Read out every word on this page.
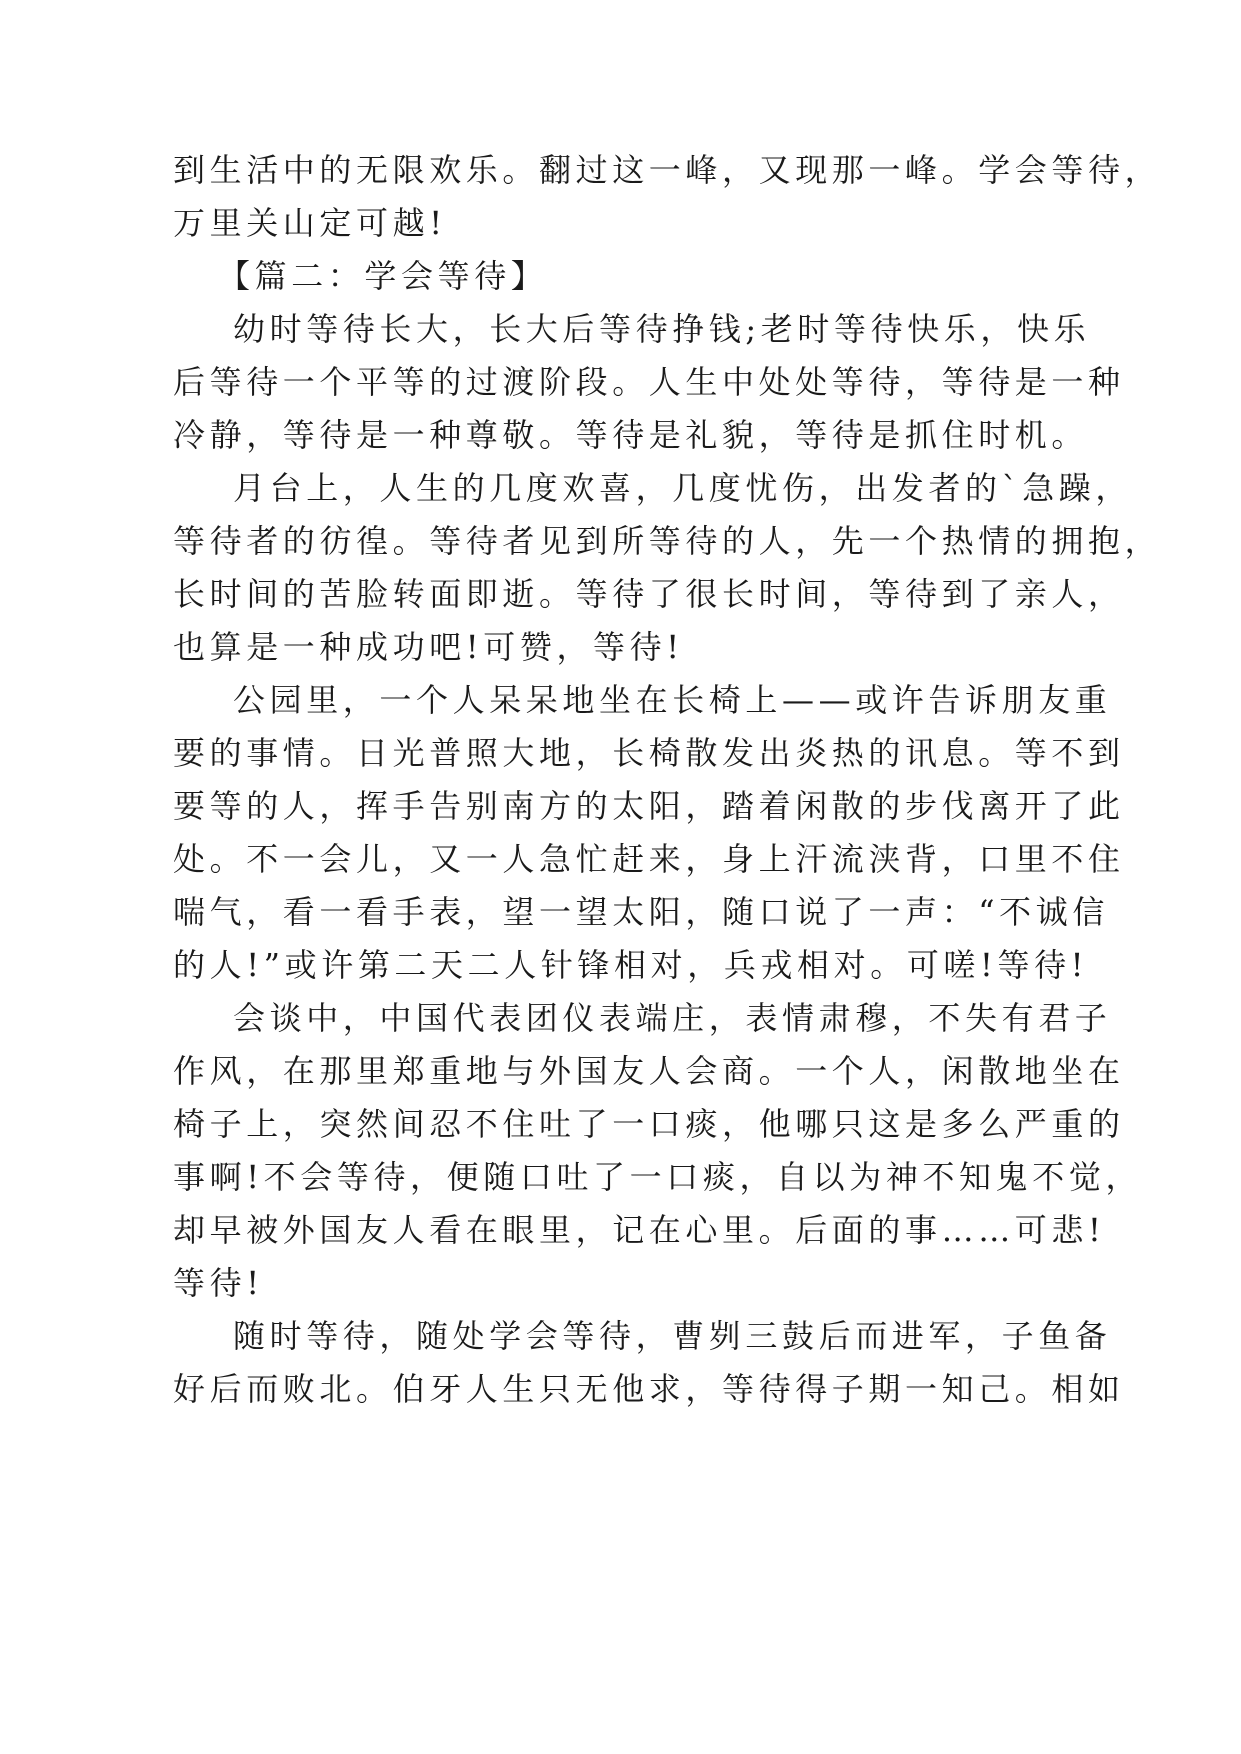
到生活中的无限欢乐。翻过这一峰，又现那一峰。学会等待，

万里关山定可越!

【篇二：学会等待】

幼时等待长大，长大后等待挣钱;老时等待快乐，快乐

后等待一个平等的过渡阶段。人生中处处等待，等待是一种

冷静，等待是一种尊敬。等待是礼貌，等待是抓住时机。

月台上，人生的几度欢喜，几度忧伤，出发者的`急躁，

等待者的彷徨。等待者见到所等待的人，先一个热情的拥抱，

长时间的苦脸转面即逝。等待了很长时间，等待到了亲人，

也算是一种成功吧!可赞，等待!

公园里，一个人呆呆地坐在长椅上——或许告诉朋友重

要的事情。日光普照大地，长椅散发出炎热的讯息。等不到

要等的人，挥手告别南方的太阳，踏着闲散的步伐离开了此

处。不一会儿，又一人急忙赶来，身上汗流浃背，口里不住

喘气，看一看手表，望一望太阳，随口说了一声：“不诚信

的人!”或许第二天二人针锋相对，兵戎相对。可嗟!等待!

会谈中，中国代表团仪表端庄，表情肃穆，不失有君子

作风，在那里郑重地与外国友人会商。一个人，闲散地坐在

椅子上，突然间忍不住吐了一口痰，他哪只这是多么严重的

事啊!不会等待，便随口吐了一口痰，自以为神不知鬼不觉，

却早被外国友人看在眼里，记在心里。后面的事……可悲!

等待!

随时等待，随处学会等待，曹刿三鼓后而进军，子鱼备

好后而败北。伯牙人生只无他求，等待得子期一知己。相如
